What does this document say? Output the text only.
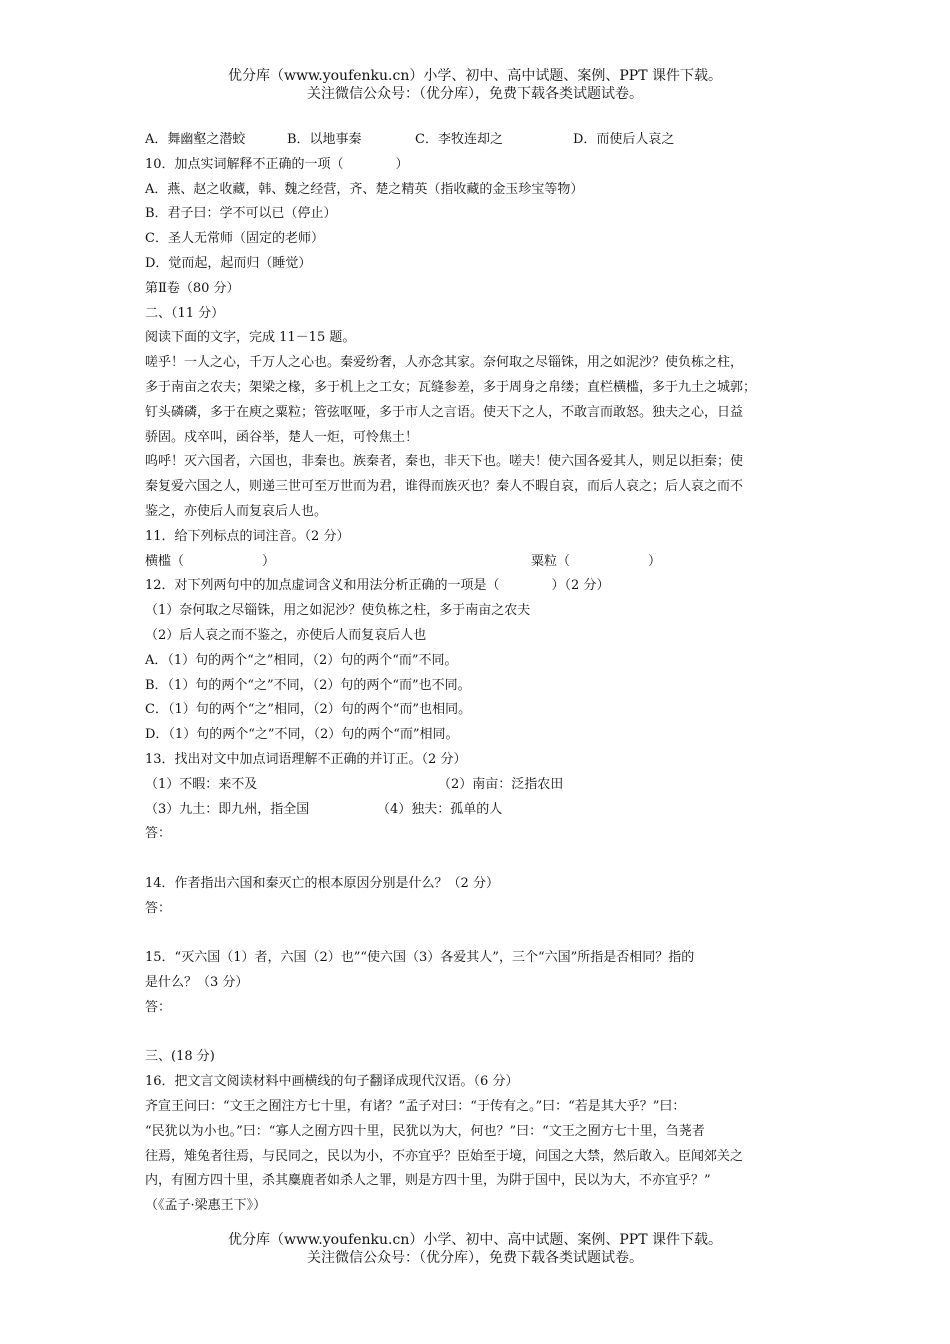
优分库（www.youfenku.cn）小学、初中、高中试题、案例、PPT 课件下载。
关注微信公众号：（优分库），免费下载各类试题试卷。
A．舞幽壑之潜蛟	B．以地事秦	C．李牧连却之	D．而使后人哀之
10．加点实词解释不正确的一项（　　　　）
A．燕、赵之收藏，韩、魏之经营，齐、楚之精英（指收藏的金玉珍宝等物）
B．君子曰：学不可以已（停止）
C．圣人无常师（固定的老师）
D．觉而起，起而归（睡觉）
第Ⅱ卷（80 分）
二、（11 分）
阅读下面的文字，完成 11－15 题。
嗟乎！一人之心，千万人之心也。秦爱纷奢，人亦念其家。奈何取之尽锱铢，用之如泥沙？使负栋之柱，
多于南亩之农夫；架梁之椽，多于机上之工女；瓦缝参差，多于周身之帛缕；直栏横槛，多于九土之城郭；
钉头磷磷，多于在庾之粟粒；管弦呕哑，多于市人之言语。使天下之人，不敢言而敢怒。独夫之心，日益
骄固。戍卒叫，函谷举，楚人一炬，可怜焦土！
呜呼！灭六国者，六国也，非秦也。族秦者，秦也，非天下也。嗟夫！使六国各爱其人，则足以拒秦；使
秦复爱六国之人，则递三世可至万世而为君，谁得而族灭也？秦人不暇自哀，而后人哀之；后人哀之而不
鉴之，亦使后人而复哀后人也。
11．给下列标点的词注音。（2 分）
横槛（　　　　　　）	粟粒（　　　　　　）
12．对下列两句中的加点虚词含义和用法分析正确的一项是（　　　　）（2 分）
（1）奈何取之尽锱铢，用之如泥沙？使负栋之柱，多于南亩之农夫
（2）后人哀之而不鉴之，亦使后人而复哀后人也
A．（1）句的两个“之”相同，（2）句的两个“而”不同。
B．（1）句的两个“之”不同，（2）句的两个“而”也不同。
C．（1）句的两个“之”相同，（2）句的两个“而”也相同。
D．（1）句的两个“之”不同，（2）句的两个“而”相同。
13．找出对文中加点词语理解不正确的并订正。（2 分）
（1）不暇：来不及	（2）南亩：泛指农田
（3）九土：即九州，指全国	（4）独夫：孤单的人
答：
14．作者指出六国和秦灭亡的根本原因分别是什么？（2 分）
答：
15．“灭六国（1）者，六国（2）也”“使六国（3）各爱其人”，三个“六国”所指是否相同？指的
是什么？（3 分）
答：
三、(18 分)
16．把文言文阅读材料中画横线的句子翻译成现代汉语。（6 分）
齐宣王问曰：“文王之囿注方七十里，有诸？”孟子对曰：“于传有之。”曰：“若是其大乎？”曰：
“民犹以为小也。”曰：“寡人之囿方四十里，民犹以为大，何也？”曰：“文王之囿方七十里，刍荛者
往焉，雉兔者往焉，与民同之，民以为小，不亦宜乎？臣始至于境，问国之大禁，然后敢入。臣闻郊关之
内，有囿方四十里，杀其麋鹿者如杀人之罪，则是方四十里，为阱于国中，民以为大，不亦宜乎？”
（《孟子·梁惠王下》）
优分库（www.youfenku.cn）小学、初中、高中试题、案例、PPT 课件下载。
关注微信公众号：（优分库），免费下载各类试题试卷。
